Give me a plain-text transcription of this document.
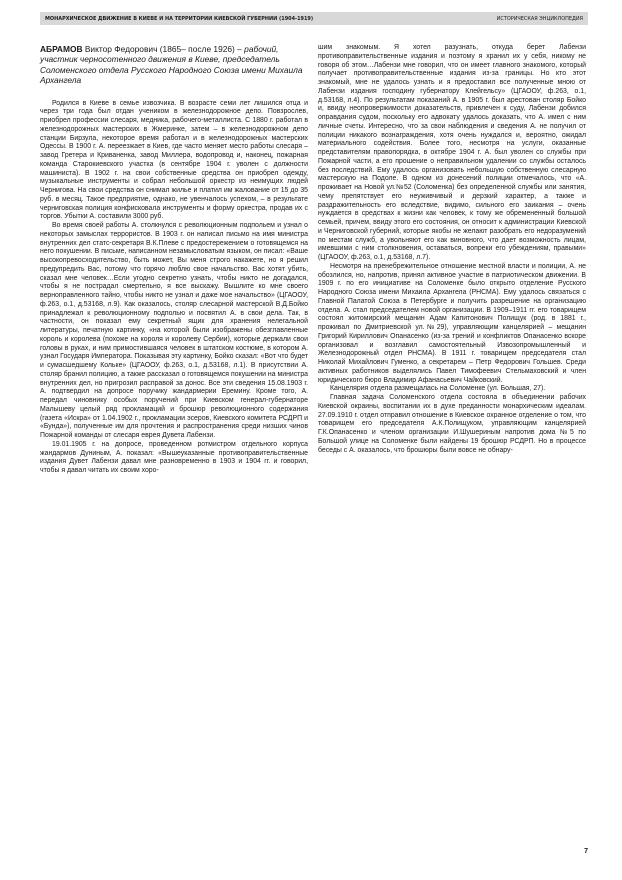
МОНАРХИЧЕСКОЕ ДВИЖЕНИЕ В КИЕВЕ И НА ТЕРРИТОРИИ КИЕВСКОЙ ГУБЕРНИИ (1904-1919)	ИСТОРИЧЕСКАЯ ЭНЦИКЛОПЕДИЯ
АБРАМОВ Виктор Федорович (1865– после 1926) – рабочий, участник черносотенного движения в Киеве, председатель Соломенского отдела Русского Народного Союза имени Михаила Архангела

Родился в Киеве в семье извозчика. В возрасте семи лет лишился отца и через три года был отдан учеником в железнодорожное депо. Повзрослев, приобрел профессии слесаря, медника, рабочего-металлиста. С 1880 г. работал в железнодорожных мастерских в Жмеринке, затем – в железнодорожном депо станции Бирзула, некоторое время работал и в железнодорожных мастерских Одессы. В 1900 г. А. переезжает в Киев, где часто меняет место работы слесаря – завод Гретера и Криваненка, завод Миллера, водопровод и, наконец, пожарная команда Старокиевского участка (в сентябре 1904 г. уволен с должности машиниста). В 1902 г. на свои собственные средства он приобрел одежду, музыкальные инструменты и собрал небольшой оркестр из неимущих людей Чернигова. На свои средства он снимал жилье и платил им жалование от 15 до 35 руб. в месяц. Такое предприятие, однако, не увенчалось успехом, – в результате черниговская полиция конфисковала инструменты и форму оркестра, продав их с торгов. Убытки А. составили 3000 руб.

Во время своей работы А. столкнулся с революционным подпольем и узнал о некоторых замыслах террористов. В 1903 г. он написал письмо на имя министра внутренних дел статс-секретаря В.К.Плеве с предостережением о готовящемся на него покушении. В письме, написанном незамысловатым языком, он писал: «Ваше высокопревосходительство, быть может, Вы меня строго накажете, но я решил предупредить Вас, потому что горячо люблю свое начальство. Вас хотят убить, сказал мне человек…Если угодно секретно узнать, чтобы никто не догадался, чтобы я не пострадал смертельно, я все выскажу. Вышлите ко мне своего верноправленного тайно, чтобы никто не узнал и даже мое начальство» (ЦГАООУ, ф.263, о.1, д.53168, л.9). Как оказалось, столяр слесарной мастерской В.Д.Бойко принадлежал к революционному подполью и посвятил А. в свои дела. Так, в частности, он показал ему секретный ящик для хранения нелегальной литературы, печатную картинку, «на которой были изображены обезглавленные король и королева (похоже на короля и королеву Сербии), которые держали свои головы в руках, и ним примостившаяся человек в штатском костюме, в котором А. узнал Государя Императора. Показывая эту картинку, Бойко сказал: «Вот что будет и сумасшедшему Кольке» (ЦГАООУ, ф.263, о.1, д.53168, л.1). В присутствии А. столяр бранил полицию, а также рассказал о готовящемся покушении на министра внутренних дел, но пригрозил расправой за донос. Все эти сведения 15.08.1903 г. А. подтвердил на допросе поручику жандармерии Еремину. Кроме того, А. передал чиновнику особых поручений при Киевском генерал-губернаторе Малышеву целый ряд прокламаций и брошюр революционного содержания (газета «Искра» от 1.04.1902 г., прокламации эсеров, Киевского комитета РСДРП и «Бунда»), полученные им для прочтения и распространения среди низших чинов Пожарной команды от слесаря еврея Дувета Лабензи.

19.01.1905 г. на допросе, проведенном ротмистром отдельного корпуса жандармов Дуниным, А. показал: «Вышеуказанные противоправительственные издания Дувет Лабензи давал мне разновременно в 1903 и 1904 гг. и говорил, чтобы я давал читать их своим хоро-

шим знакомым. Я хотел разузнать, откуда берет Лабензи противоправительственные издания и поэтому я хранил их у себя, никому не говоря об этом…Лабензи мне говорил, что он имеет главного знакомого, который получает противоправительственные издания из-за границы. Но кто этот знакомый, мне не удалось узнать и я предоставил все полученные мною от Лабензи издания господину губернатору Клейгельсу» (ЦГАООУ, ф.263, о.1, д.53168, л.4). По результатам показаний А. в 1905 г. был арестован столяр Бойко и, ввиду неопровержимости доказательств, привлечен к суду, Лабензи добился оправдания судом, поскольку его адвокату удалось доказать, что А. имел с ним личные счеты. Интересно, что за свои наблюдения и сведения А. не получил от полиции никакого вознаграждения, хотя очень нуждался и, вероятно, ожидал материального содействия. Более того, несмотря на услуги, оказанные представителям правопорядка, в октябре 1904 г. А. был уволен со службы при Пожарной части, а его прошение о неправильном удалении со службы осталось без последствий. Ему удалось организовать небольшую собственную слесарную мастерскую на Подоле. В одном из донесений полиции отмечалось, что «А. проживает на Новой ул.№52 (Соломенка) без определенной службы или занятия, чему препятствует его неуживчивый и дерзкий характер, а также и раздражительность его вследствие, видимо, сильного его заикания – очень нуждается в средствах к жизни как человек, к тому же обремененный большой семьей, причем, ввиду этого его состояния, он относит к администрации Киевской и Черниговской губерний, которые якобы не желают разобрать его недоразумений по местам служб, а увольняют его как виновного, что дает возможность лицам, имевшими с ним столкновения, оставаться, вопреки его убеждениям, правыми» (ЦГАООУ, ф.263, о.1, д.53168, л.7).

Несмотря на пренебрежительное отношение местной власти и полиции, А. не обозлился, но, напротив, принял активное участие в патриотическом движении. В 1909 г. по его инициативе на Соломенке было открыто отделение Русского Народного Союза имени Михаила Архангела (РНСМА). Ему удалось связаться с Главной Палатой Союза в Петербурге и получить разрешение на организацию отдела. А. стал председателем новой организации. В 1909–1911 гг. его товарищем состоял житомирский мещанин Адам Капитонович Полищук (род. в 1881 г., проживал по Дмитриевской ул.№29), управляющим канцелярией – мещанин Григорий Кириллович Опанасенко (из-за трений и конфликтов Опанасенко вскоре организовал и возглавил самостоятельный Извозопромышленный и Железнодорожный отдел РНСМА). В 1911 г. товарищем председателя стал Николай Михайлович Гуменко, а секретарем – Петр Федорович Гольшев. Среди активных работников выделялись Павел Тимофеевич Стельмаховский и член юридического бюро Владимир Афанасьевич Чайковский.

Канцелярия отдела размещалась на Соломенке (ул. Большая, 27).

Главная задача Соломенского отдела состояла в объединении рабочих Киевской окраины, воспитании их в духе преданности монархическим идеалам. 27.09.1910 г. отдел отправил отношение в Киевское охранное отделение о том, что товарищем его председателя А.К.Полищуком, управляющим канцелярией Г.К.Опанасенко и членом организации И.Шушериным напротив дома №5 по Большой улице на Соломенке были найдены 19 брошюр РСДРП. Но в процессе беседы с А. оказалось, что брошюры были вовсе не обнару-

7
